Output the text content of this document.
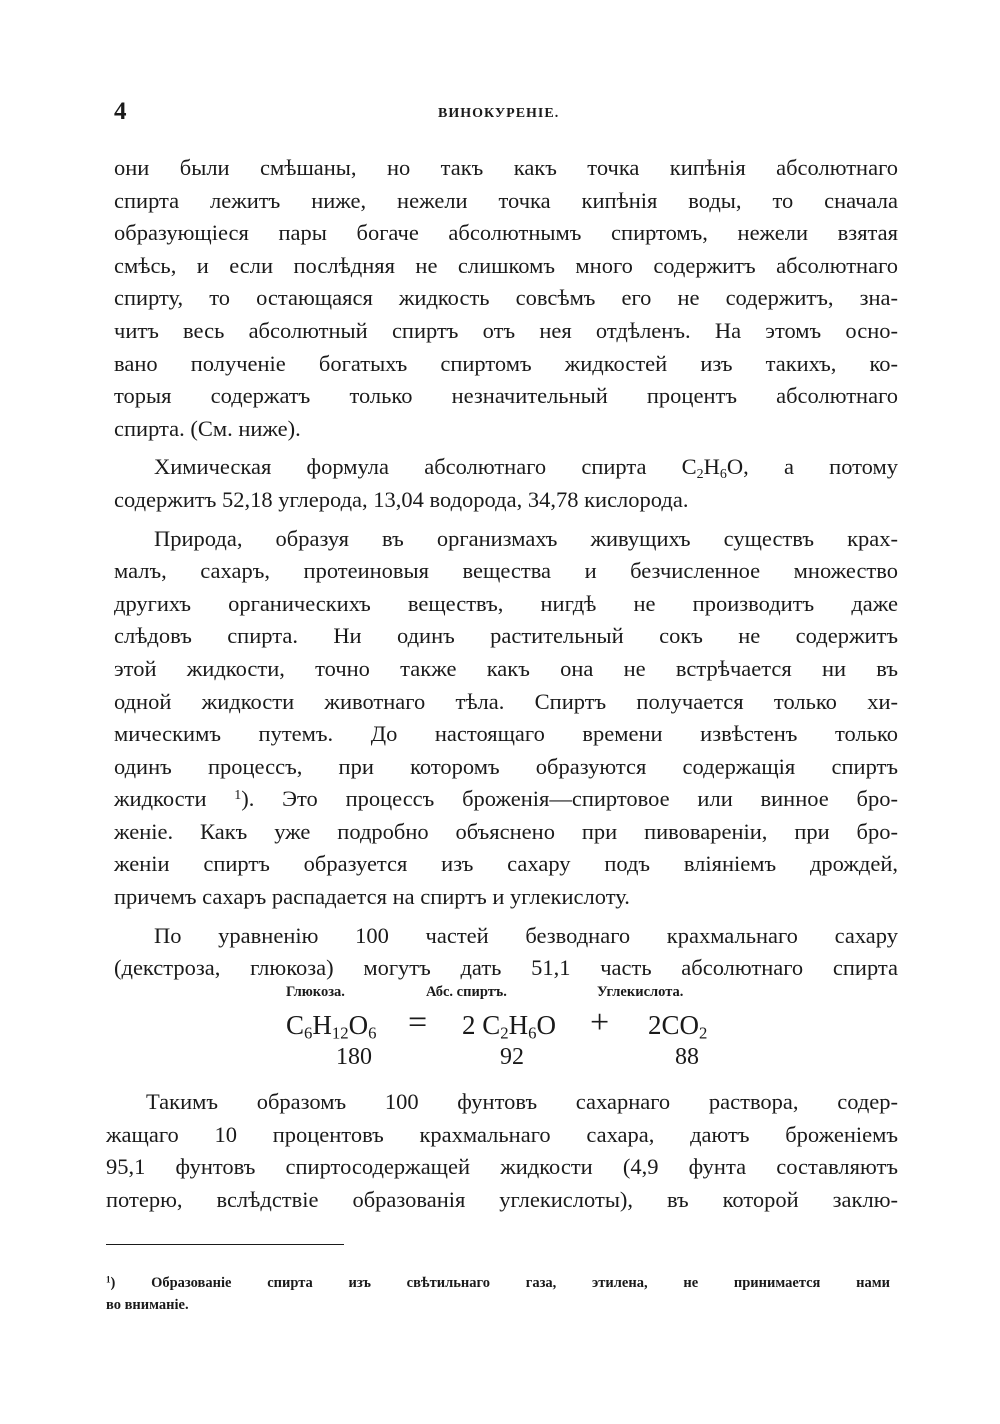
4	ВИНОКУРЕНІЕ.
они были смѣшаны, но такъ какъ точка кипѣнія абсолютнаго
спирта лежитъ ниже, нежели точка кипѣнія воды, то сначала
образующіеся пары богаче абсолютнымъ спиртомъ, нежели взятая
смѣсь, и если послѣдняя не слишкомъ много содержитъ абсолютнаго
спирту, то остающаяся жидкость совсѣмъ его не содержитъ, зна-
читъ весь абсолютный спиртъ отъ нея отдѣленъ. На этомъ осно-
вано полученіе богатыхъ спиртомъ жидкостей изъ такихъ, ко-
торыя содержатъ только незначительный процентъ абсолютнаго
спирта. (См. ниже).
Химическая формула абсолютнаго спирта $C_2H_6O$, а потому
содержитъ 52,18 углерода, 13,04 водорода, 34,78 кислорода.
Природа, образуя въ организмахъ живущихъ существъ крах-
малъ, сахаръ, протеиновыя вещества и безчисленное множество
другихъ органическихъ веществъ, нигдѣ не производитъ даже
слѣдовъ спирта. Ни одинъ растительный сокъ не содержитъ
этой жидкости, точно также какъ она не встрѣчается ни въ
одной жидкости животнаго тѣла. Спиртъ получается только хи-
мическимъ путемъ. До настоящаго времени извѣстенъ только
одинъ процессъ, при которомъ образуются содержащія спиртъ
жидкости $^1$). Это процессъ броженія—спиртовое или винное бро-
женіе. Какъ уже подробно объяснено при пивовареніи, при бро-
женіи спиртъ образуется изъ сахару подъ вліяніемъ дрождей,
причемъ сахаръ распадается на спиртъ и углекислоту.
По уравненію 100 частей безводнаго крахмальнаго сахару
(декстроза, глюкоза) могутъ дать 51,1 часть абсолютнаго спирта
Глюкоза.	Абс. спиртъ.	Углекислота.
$C_6H_{12}O_6 = 2$ $C_2H_6O + 2CO_2$
180	92	88
Такимъ образомъ 100 фунтовъ сахарнаго раствора, содер-
жащаго 10 процентовъ крахмальнаго сахара, даютъ броженіемъ
95,1 фунтовъ спиртосодержащей жидкости (4,9 фунта составляютъ
потерю, вслѣдствіе образованія углекислоты), въ которой заклю-
$^1$) Образованіе спирта изъ свѣтильнаго газа, этилена, не принимается нами
во вниманіе.
